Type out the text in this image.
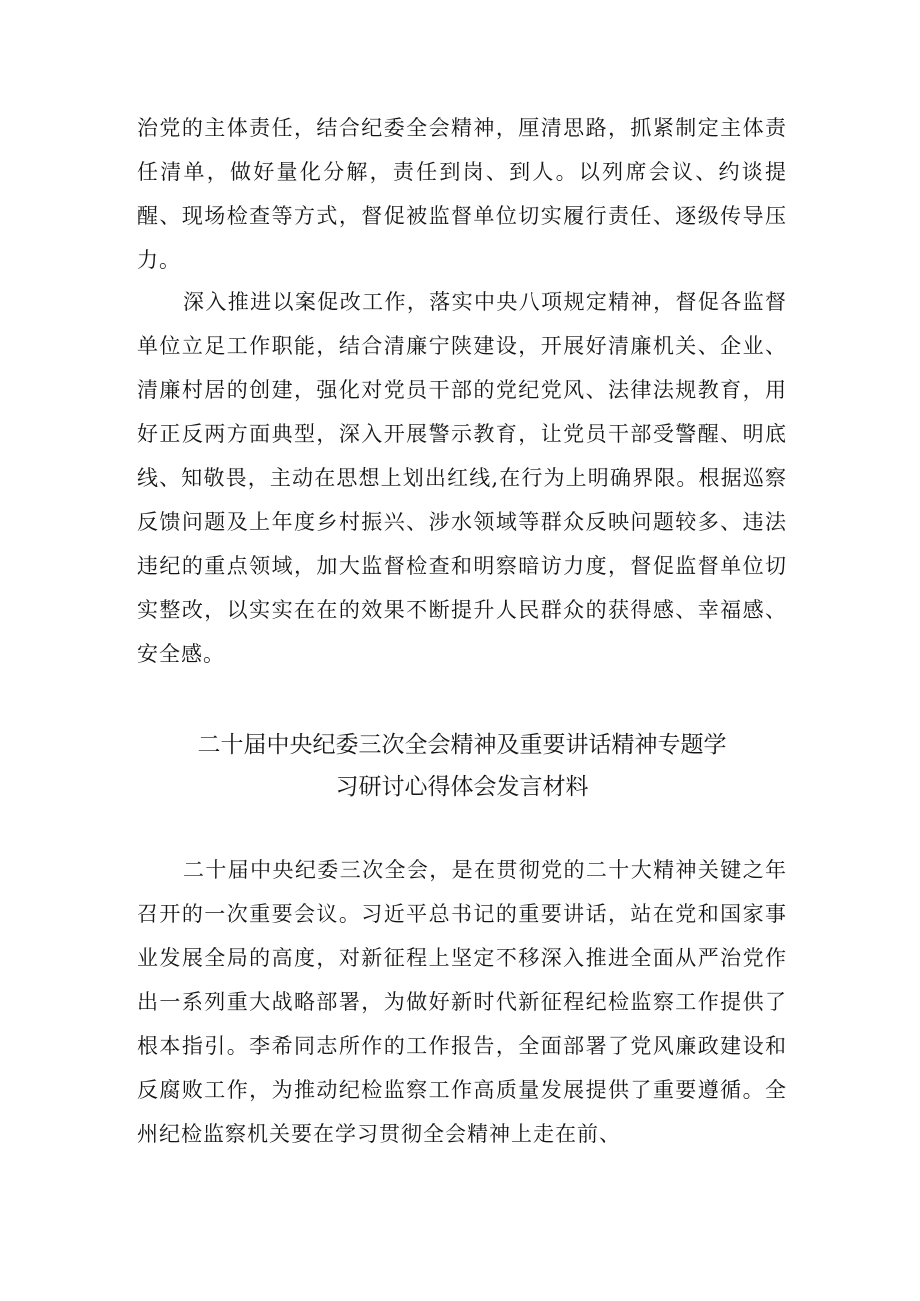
治党的主体责任，结合纪委全会精神，厘清思路，抓紧制定主体责任清单，做好量化分解，责任到岗、到人。以列席会议、约谈提醒、现场检查等方式，督促被监督单位切实履行责任、逐级传导压力。

深入推进以案促改工作，落实中央八项规定精神，督促各监督单位立足工作职能，结合清廉宁陕建设，开展好清廉机关、企业、清廉村居的创建，强化对党员干部的党纪党风、法律法规教育，用好正反两方面典型，深入开展警示教育，让党员干部受警醒、明底线、知敬畏，主动在思想上划出红线,在行为上明确界限。根据巡察反馈问题及上年度乡村振兴、涉水领域等群众反映问题较多、违法违纪的重点领域，加大监督检查和明察暗访力度，督促监督单位切实整改，以实实在在的效果不断提升人民群众的获得感、幸福感、安全感。

二十届中央纪委三次全会精神及重要讲话精神专题学
习研讨心得体会发言材料

二十届中央纪委三次全会，是在贯彻党的二十大精神关键之年召开的一次重要会议。习近平总书记的重要讲话，站在党和国家事业发展全局的高度，对新征程上坚定不移深入推进全面从严治党作出一系列重大战略部署，为做好新时代新征程纪检监察工作提供了根本指引。李希同志所作的工作报告，全面部署了党风廉政建设和反腐败工作，为推动纪检监察工作高质量发展提供了重要遵循。全州纪检监察机关要在学习贯彻全会精神上走在前、
